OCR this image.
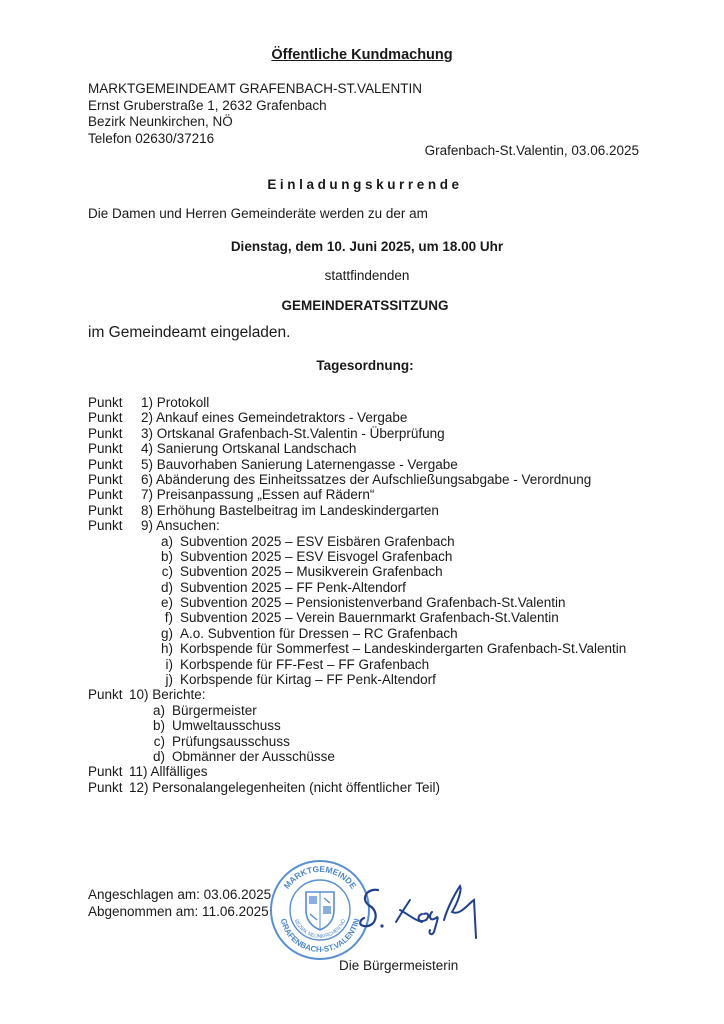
Öffentliche Kundmachung
MARKTGEMEINDEAMT GRAFENBACH-ST.VALENTIN
Ernst Gruberstraße 1, 2632 Grafenbach
Bezirk Neunkirchen, NÖ
Telefon 02630/37216
Grafenbach-St.Valentin, 03.06.2025
Einladungskurrende
Die Damen und Herren Gemeinderäte werden zu der am
Dienstag, dem 10. Juni 2025, um 18.00 Uhr
stattfindenden
GEMEINDERATSSITZUNG
im Gemeindeamt eingeladen.
Tagesordnung:
Punkt	1) Protokoll
Punkt	2) Ankauf eines Gemeindetraktors - Vergabe
Punkt	3) Ortskanal Grafenbach-St.Valentin - Überprüfung
Punkt	4) Sanierung Ortskanal Landschach
Punkt	5) Bauvorhaben Sanierung Laternengasse - Vergabe
Punkt	6) Abänderung des Einheitssatzes der Aufschließungsabgabe - Verordnung
Punkt	7) Preisanpassung „Essen auf Rädern“
Punkt	8) Erhöhung Bastelbeitrag im Landeskindergarten
Punkt	9) Ansuchen:
a) Subvention 2025 – ESV Eisbären Grafenbach
b) Subvention 2025 – ESV Eisvogel Grafenbach
c) Subvention 2025 – Musikverein Grafenbach
d) Subvention 2025 – FF Penk-Altendorf
e) Subvention 2025 – Pensionistenverband Grafenbach-St.Valentin
f) Subvention 2025 – Verein Bauernmarkt Grafenbach-St.Valentin
g) A.o. Subvention für Dressen – RC Grafenbach
h) Korbspende für Sommerfest – Landeskindergarten Grafenbach-St.Valentin
i) Korbspende für FF-Fest – FF Grafenbach
j) Korbspende für Kirtag – FF Penk-Altendorf
Punkt 10) Berichte:
a) Bürgermeister
b) Umweltausschuss
c) Prüfungsausschuss
d) Obmänner der Ausschüsse
Punkt 11) Allfälliges
Punkt 12) Personalangelegenheiten (nicht öffentlicher Teil)
Angeschlagen am: 03.06.2025
Abgenommen am: 11.06.2025
MARKTGEMEINDE
GRAFENBACH-ST.VALENTIN
BEZIRK NEUNKIRCHEN NÖ
Die Bürgermeisterin
